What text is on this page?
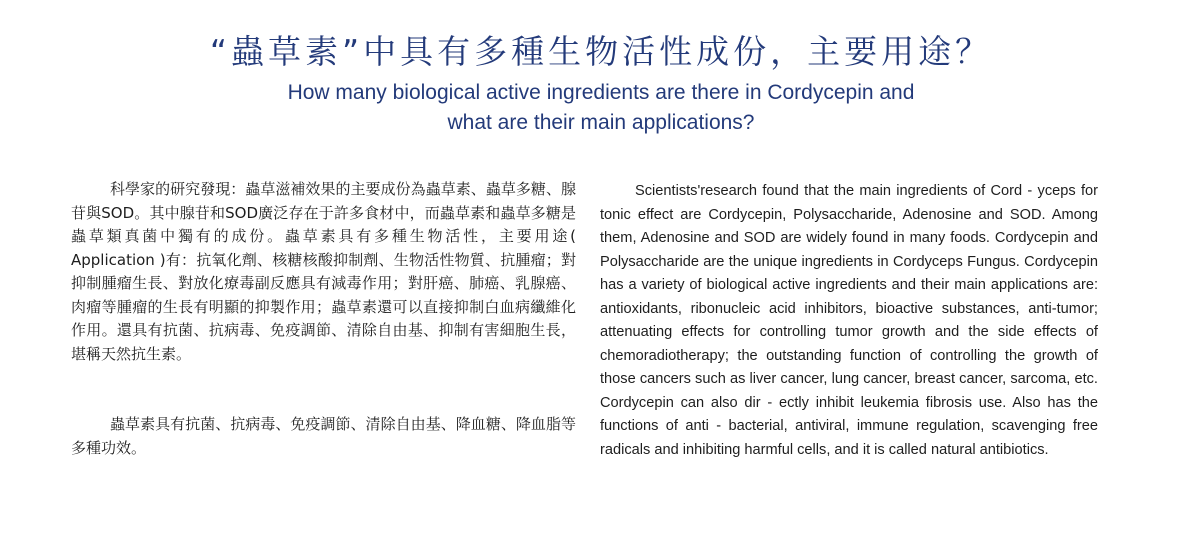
“蟲草素”中具有多種生物活性成份，主要用途？
How many biological active ingredients are there in Cordycepin and
what are their main applications?

科學家的研究發現：蟲草滋補效果的主要成份為蟲草素、蟲草多糖、腺苷與SOD。其中腺苷和SOD廣泛存在于許多食材中，而蟲草素和蟲草多糖是蟲草類真菌中獨有的成份。蟲草素具有多種生物活性，主要用途( Application )有：抗氧化劑、核糖核酸抑制劑、生物活性物質、抗腫瘤；對抑制腫瘤生長、對放化療毒副反應具有減毒作用；對肝癌、肺癌、乳腺癌、肉瘤等腫瘤的生長有明顯的抑製作用；蟲草素還可以直接抑制白血病纖維化作用。還具有抗菌、抗病毒、免疫調節、清除自由基、抑制有害細胞生長，堪稱天然抗生素。

蟲草素具有抗菌、抗病毒、免疫調節、清除自由基、降血糖、降血脂等多種功效。

Scientists'research found that the main ingredients of Cord - yceps for tonic effect are Cordycepin, Polysaccharide, Adenosine and SOD. Among them, Adenosine and SOD are widely found in many foods. Cordycepin and Polysaccharide are the unique ingredients in Cordyceps Fungus. Cordycepin has a variety of biological active ingredients and their main applications are: antioxidants, ribonucleic acid inhibitors, bioactive substances, anti-tumor; attenuating effects for controlling tumor growth and the side effects of chemoradiotherapy; the outstanding function of controlling the growth of those cancers such as liver cancer, lung cancer, breast cancer, sarcoma, etc. Cordycepin can also dir - ectly inhibit leukemia fibrosis use. Also has the functions of anti - bacterial, antiviral, immune regulation, scavenging free radicals and inhibiting harmful cells, and it is called natural antibiotics.
